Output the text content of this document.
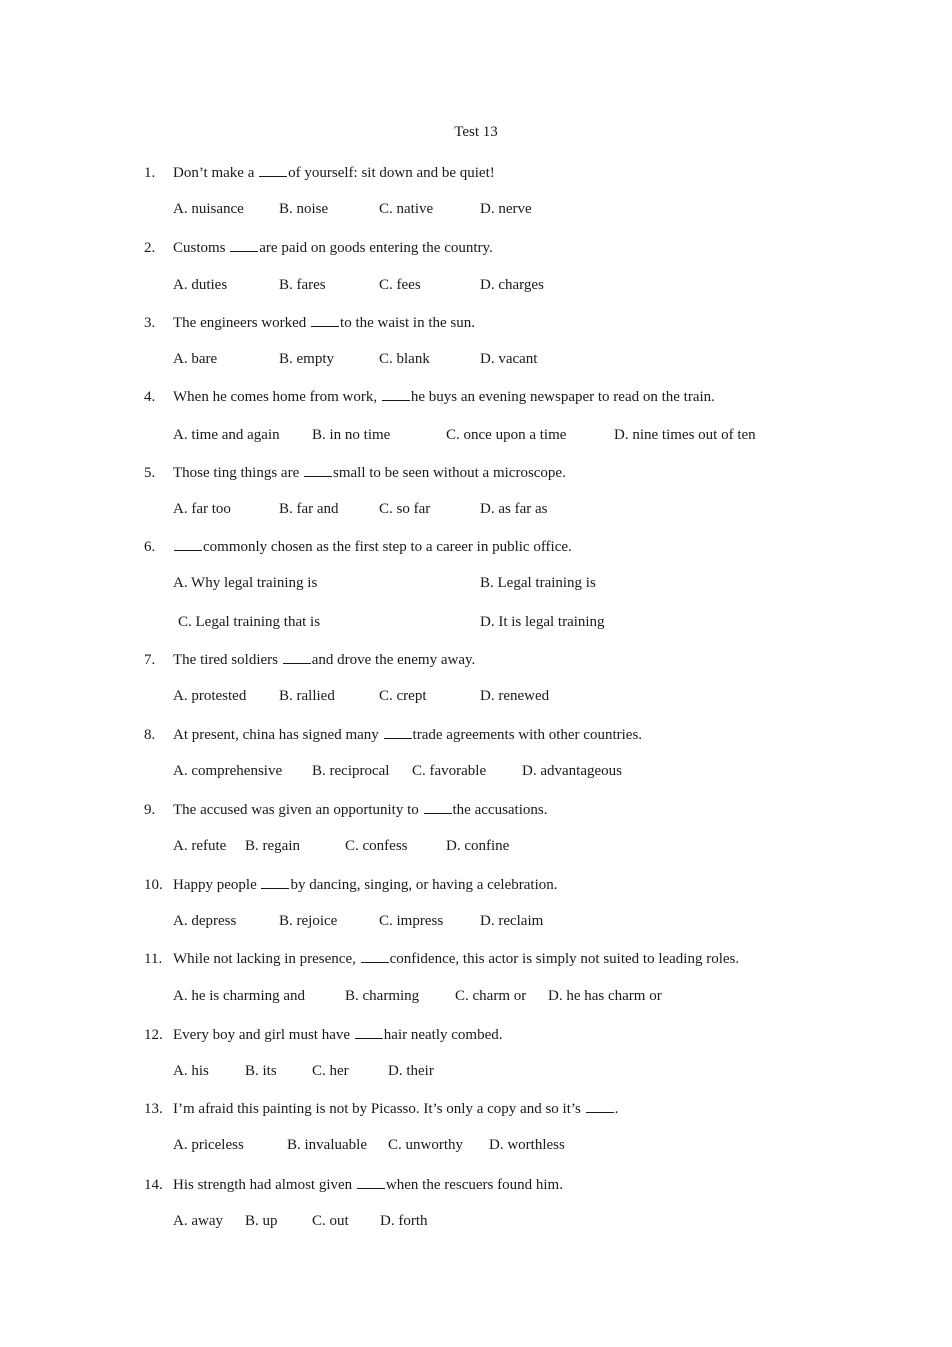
Test 13
1. Don’t make a of yourself: sit down and be quiet!
A. nuisance B. noise	C. native	D. nerve
2. Customs are paid on goods entering the country.
A. duties	B. fares	C. fees	D. charges
3. The engineers worked to the waist in the sun.
A. bare	B. empty	C. blank	D. vacant
4. When he comes home from work, he buys an evening newspaper to read on the train.
A. time and again B. in no time	C. once upon a time	D. nine times out of ten
5. Those ting things are small to be seen without a microscope.
A. far too	B. far and	C. so far	D. as far as
6.	commonly chosen as the first step to a career in public office.
A. Why legal training is	B. Legal training is
C. Legal training that is	D. It is legal training
7. The tired soldiers and drove the enemy away.
A. protested B. rallied	C. crept	D. renewed
8. At present, china has signed many trade agreements with other countries.
A. comprehensive B. reciprocal C. favorable D. advantageous
9. The accused was given an opportunity to the accusations.
A. refute B. regain	C. confess	D. confine
10. Happy people by dancing, singing, or having a celebration.
A. depress	B. rejoice	C. impress D. reclaim
11. While not lacking in presence, confidence, this actor is simply not suited to leading roles.
A. he is charming and	B. charming C. charm or D. he has charm or
12. Every boy and girl must have hair neatly combed.
A. his B. its C. her	D. their
13. I’m afraid this painting is not by Picasso. It’s only a copy and so it’s .
A. priceless	B. invaluable C. unworthy D. worthless
14. His strength had almost given when the rescuers found him.
A. away B. up C. out D. forth
